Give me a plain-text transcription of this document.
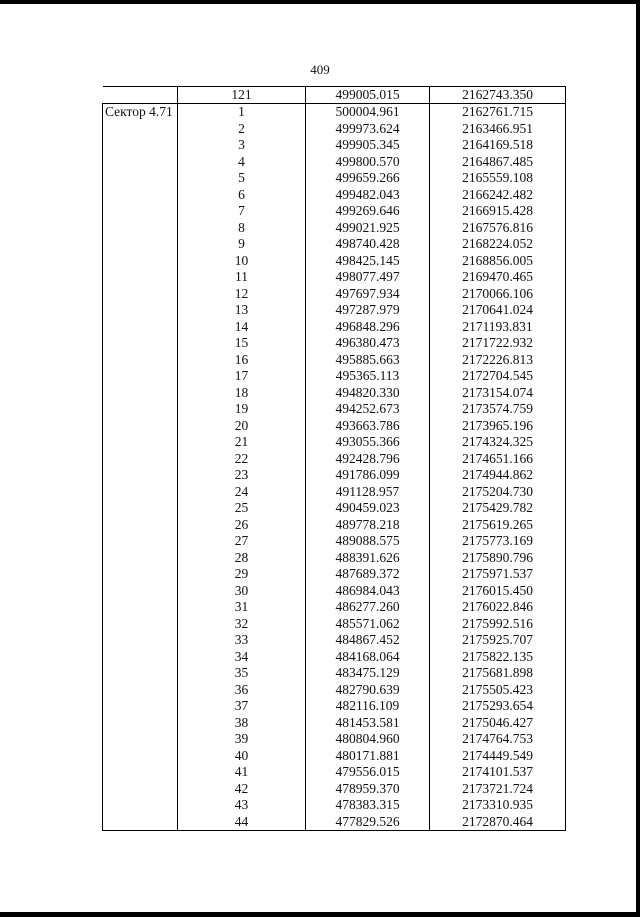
409
	121	499005.015	2162743.350
Сектор 4.71	1	500004.961	2162761.715
	2	499973.624	2163466.951
	3	499905.345	2164169.518
	4	499800.570	2164867.485
	5	499659.266	2165559.108
	6	499482.043	2166242.482
	7	499269.646	2166915.428
	8	499021.925	2167576.816
	9	498740.428	2168224.052
	10	498425.145	2168856.005
	11	498077.497	2169470.465
	12	497697.934	2170066.106
	13	497287.979	2170641.024
	14	496848.296	2171193.831
	15	496380.473	2171722.932
	16	495885.663	2172226.813
	17	495365.113	2172704.545
	18	494820.330	2173154.074
	19	494252.673	2173574.759
	20	493663.786	2173965.196
	21	493055.366	2174324.325
	22	492428.796	2174651.166
	23	491786.099	2174944.862
	24	491128.957	2175204.730
	25	490459.023	2175429.782
	26	489778.218	2175619.265
	27	489088.575	2175773.169
	28	488391.626	2175890.796
	29	487689.372	2175971.537
	30	486984.043	2176015.450
	31	486277.260	2176022.846
	32	485571.062	2175992.516
	33	484867.452	2175925.707
	34	484168.064	2175822.135
	35	483475.129	2175681.898
	36	482790.639	2175505.423
	37	482116.109	2175293.654
	38	481453.581	2175046.427
	39	480804.960	2174764.753
	40	480171.881	2174449.549
	41	479556.015	2174101.537
	42	478959.370	2173721.724
	43	478383.315	2173310.935
	44	477829.526	2172870.464
